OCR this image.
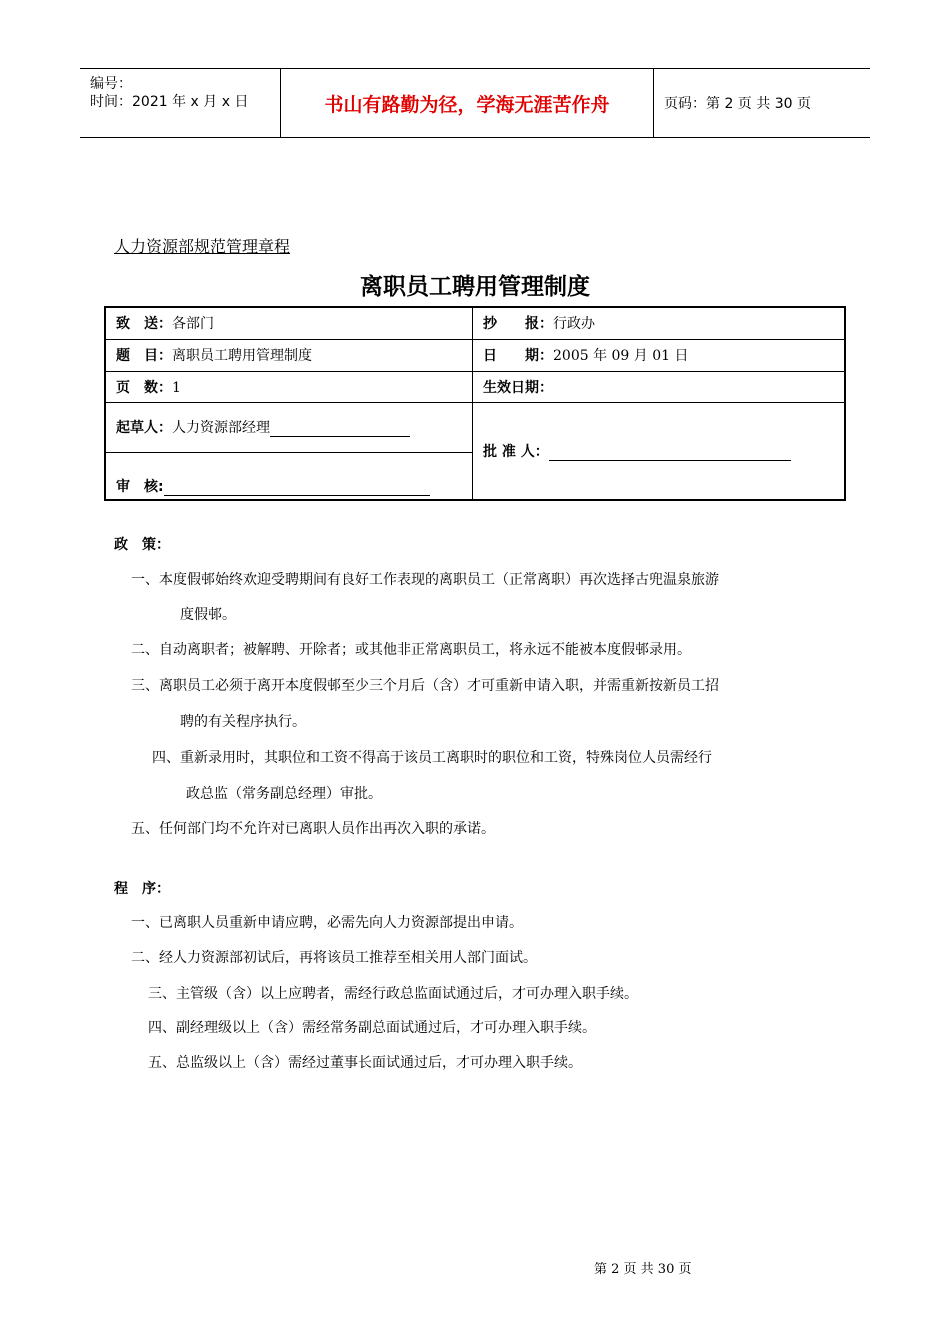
编号：
时间：2021 年 x 月 x 日	书山有路勤为径，学海无涯苦作舟	页码：第 2 页 共 30 页
人力资源部规范管理章程
离职员工聘用管理制度
致　送：各部门	抄　　报：行政办
题　目：离职员工聘用管理制度	日　　期：2005 年 09 月 01 日
页　数：1	生效日期：
起草人：人力资源部经理	批 准 人：
审　核:	
政　策：
一、本度假邨始终欢迎受聘期间有良好工作表现的离职员工（正常离职）再次选择古兜温泉旅游
度假邨。
二、自动离职者；被解聘、开除者；或其他非正常离职员工，将永远不能被本度假邨录用。
三、离职员工必须于离开本度假邨至少三个月后（含）才可重新申请入职，并需重新按新员工招
聘的有关程序执行。
四、重新录用时，其职位和工资不得高于该员工离职时的职位和工资，特殊岗位人员需经行
政总监（常务副总经理）审批。
五、任何部门均不允许对已离职人员作出再次入职的承诺。
程　序：
一、已离职人员重新申请应聘，必需先向人力资源部提出申请。
二、经人力资源部初试后，再将该员工推荐至相关用人部门面试。
三、主管级（含）以上应聘者，需经行政总监面试通过后，才可办理入职手续。
四、副经理级以上（含）需经常务副总面试通过后，才可办理入职手续。
五、总监级以上（含）需经过董事长面试通过后，才可办理入职手续。
第 2 页 共 30 页
